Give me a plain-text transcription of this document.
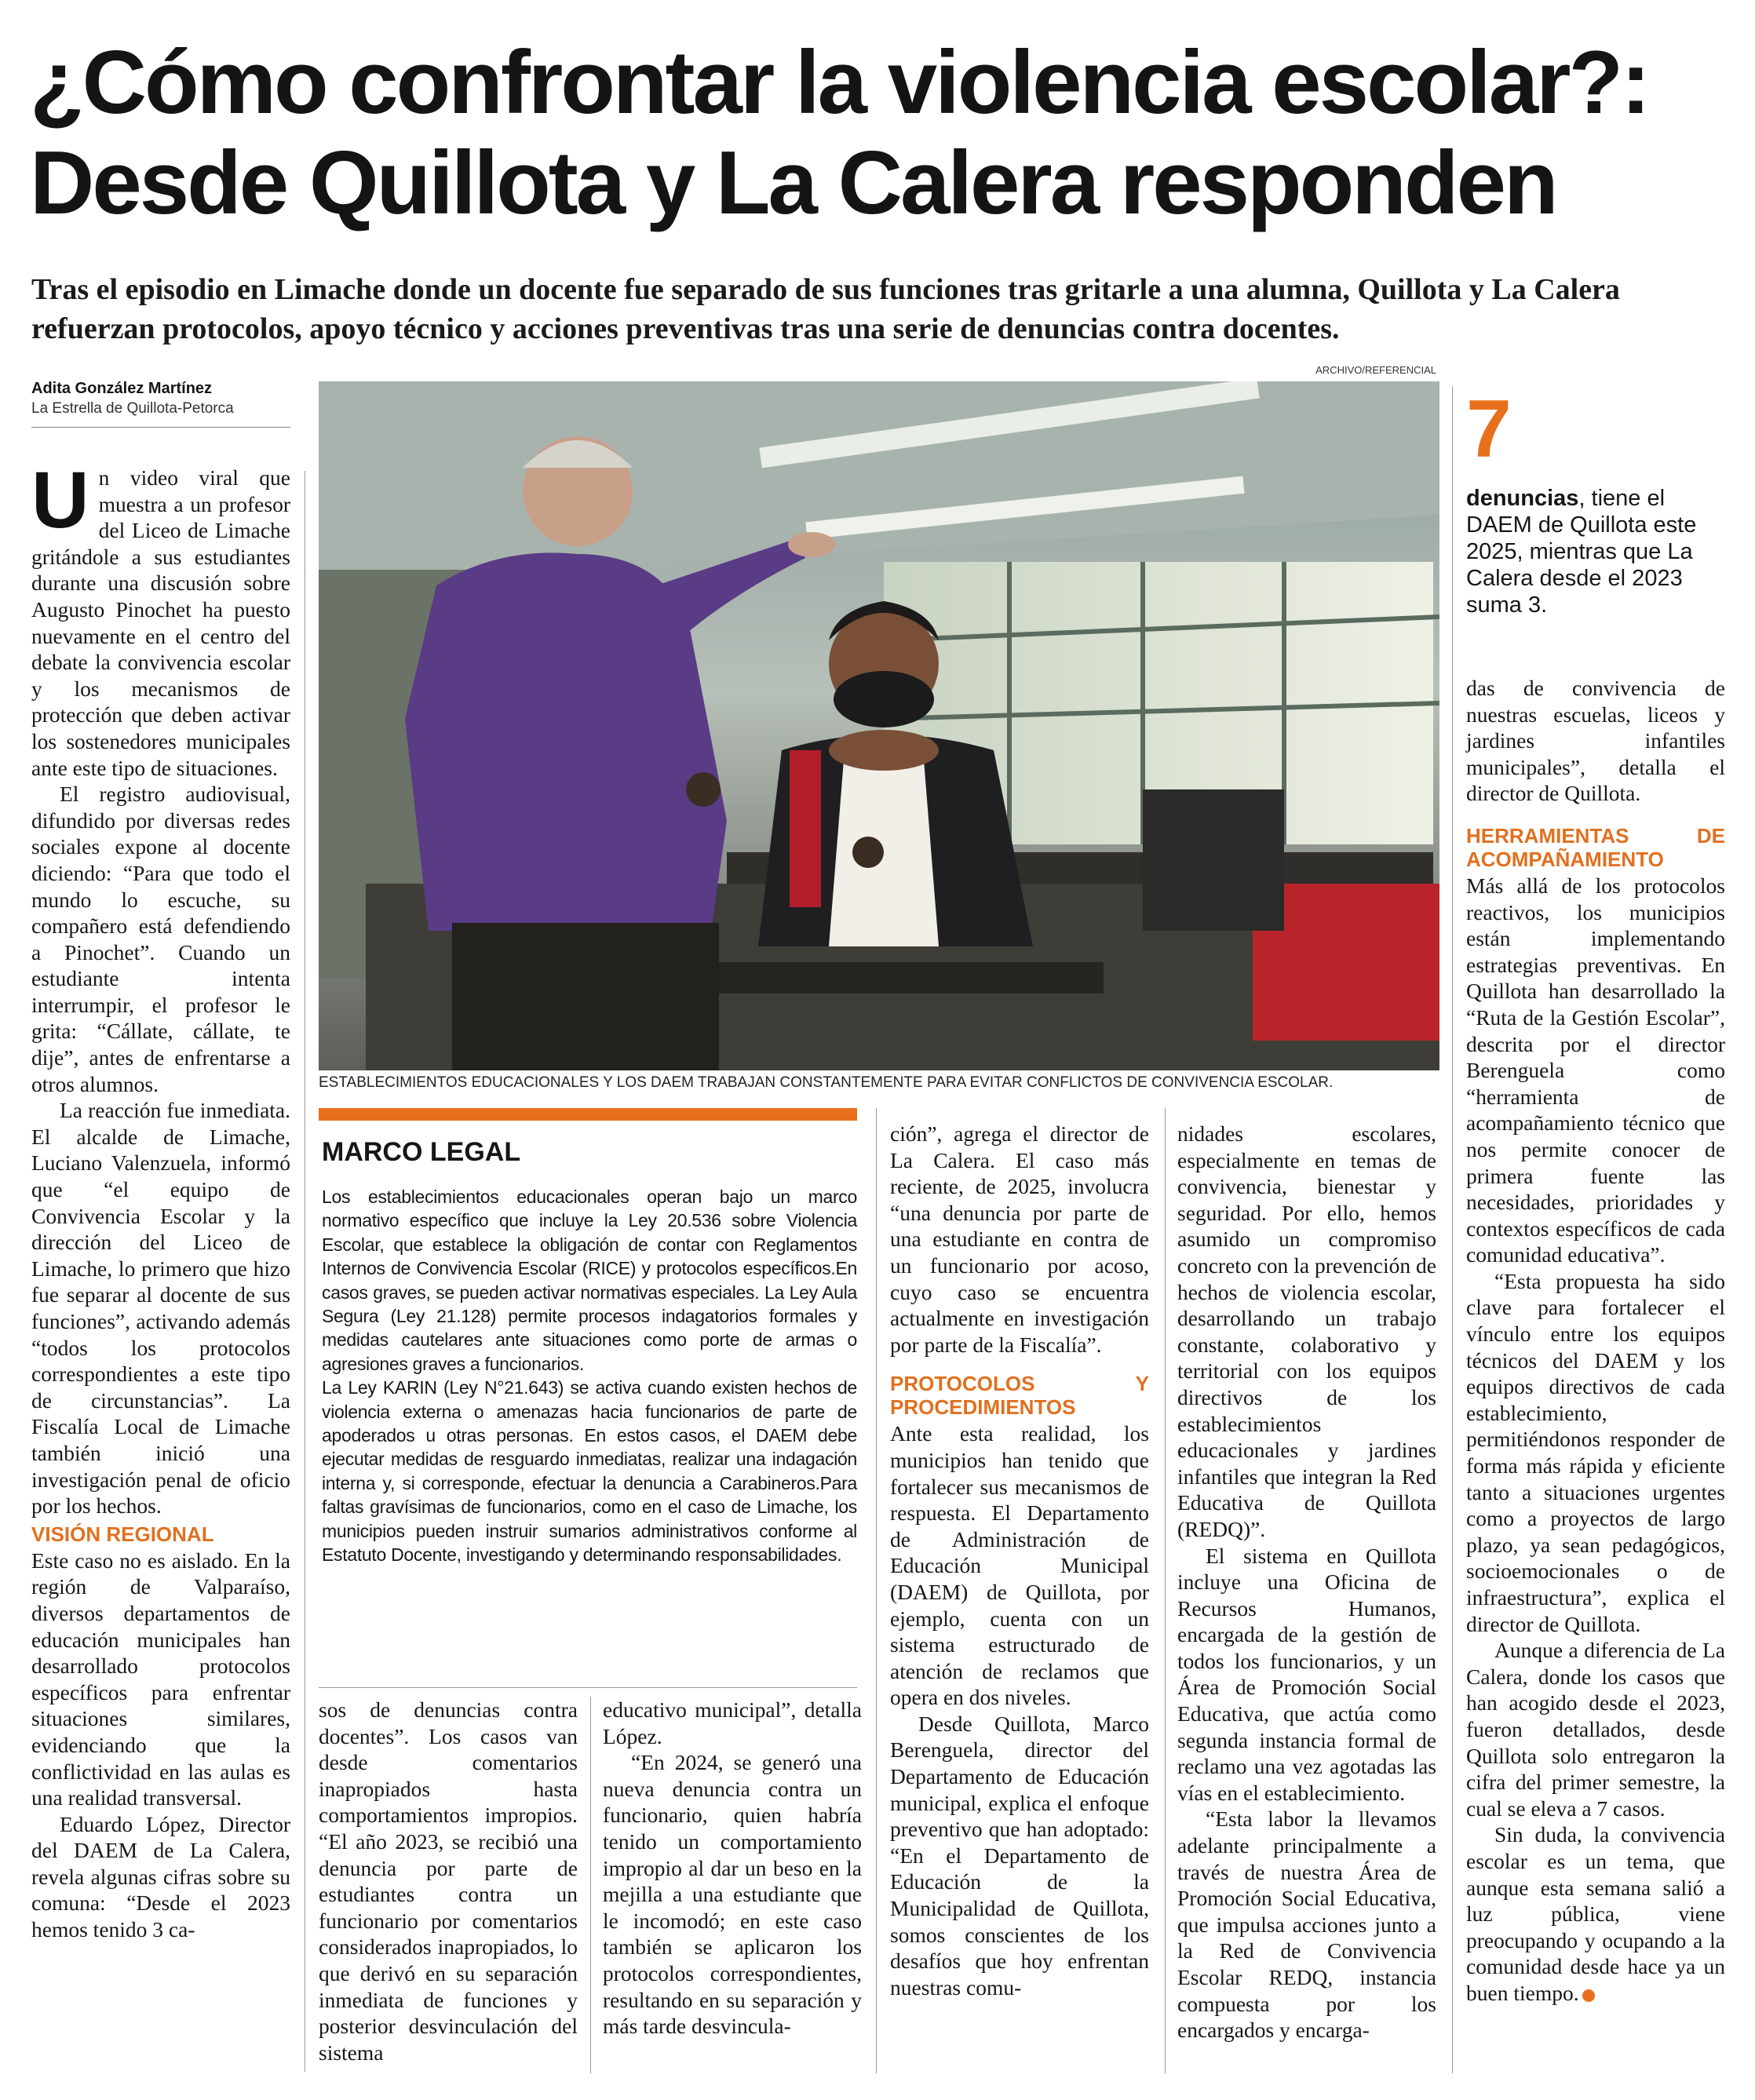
¿Cómo confrontar la violencia escolar?:
Desde Quillota y La Calera responden

Tras el episodio en Limache donde un docente fue separado de sus funciones tras gritarle a una alumna, Quillota y La Calera refuerzan protocolos, apoyo técnico y acciones preventivas tras una serie de denuncias contra docentes.

Adita González Martínez
La Estrella de Quillota-Petorca
ARCHIVO/REFERENCIAL

ESTABLECIMIENTOS EDUCACIONALES Y LOS DAEM TRABAJAN CONSTANTEMENTE PARA EVITAR CONFLICTOS DE CONVIVENCIA ESCOLAR.

U n video viral que muestra a un profesor del Liceo de Limache gritándole a sus estudiantes durante una discusión sobre Augusto Pinochet ha puesto nuevamente en el centro del debate la convivencia escolar y los mecanismos de protección que deben activar los sostenedores municipales ante este tipo de situaciones.

El registro audiovisual, difundido por diversas redes sociales expone al docente diciendo: “Para que todo el mundo lo escuche, su compañero está defendiendo a Pinochet”. Cuando un estudiante intenta interrumpir, el profesor le grita: “Cállate, cállate, te dije”, antes de enfrentarse a otros alumnos.

La reacción fue inmediata. El alcalde de Limache, Luciano Valenzuela, informó que “el equipo de Convivencia Escolar y la dirección del Liceo de Limache, lo primero que hizo fue separar al docente de sus funciones”, activando además “todos los protocolos correspondientes a este tipo de circunstancias”. La Fiscalía Local de Limache también inició una investigación penal de oficio por los hechos.

VISIÓN REGIONAL

Este caso no es aislado. En la región de Valparaíso, diversos departamentos de educación municipales han desarrollado protocolos específicos para enfrentar situaciones similares, evidenciando que la conflictividad en las aulas es una realidad transversal.

Eduardo López, Director del DAEM de La Calera, revela algunas cifras sobre su comuna: “Desde el 2023 hemos tenido 3 ca-

7
denuncias, tiene el DAEM de Quillota este 2025, mientras que La Calera desde el 2023 suma 3.
MARCO LEGAL

Los establecimientos educacionales operan bajo un marco normativo específico que incluye la Ley 20.536 sobre Violencia Escolar, que establece la obligación de contar con Reglamentos Internos de Convivencia Escolar (RICE) y protocolos específicos.En casos graves, se pueden activar normativas especiales. La Ley Aula Segura (Ley 21.128) permite procesos indagatorios formales y medidas cautelares ante situaciones como porte de armas o agresiones graves a funcionarios.

La Ley KARIN (Ley N°21.643) se activa cuando existen hechos de violencia externa o amenazas hacia funcionarios de parte de apoderados u otras personas. En estos casos, el DAEM debe ejecutar medidas de resguardo inmediatas, realizar una indagación interna y, si corresponde, efectuar la denuncia a Carabineros.Para faltas gravísimas de funcionarios, como en el caso de Limache, los municipios pueden instruir sumarios administrativos conforme al Estatuto Docente, investigando y determinando responsabilidades.

sos de denuncias contra docentes”. Los casos van desde comentarios inapropiados hasta comportamientos impropios. “El año 2023, se recibió una denuncia por parte de estudiantes contra un funcionario por comentarios considerados inapropiados, lo que derivó en su separación inmediata de funciones y posterior desvinculación del sistema

educativo municipal”, detalla López.

“En 2024, se generó una nueva denuncia contra un funcionario, quien habría tenido un comportamiento impropio al dar un beso en la mejilla a una estudiante que le incomodó; en este caso también se aplicaron los protocolos correspondientes, resultando en su separación y más tarde desvincula-

ción”, agrega el director de La Calera. El caso más reciente, de 2025, involucra “una denuncia por parte de una estudiante en contra de un funcionario por acoso, cuyo caso se encuentra actualmente en investigación por parte de la Fiscalía”.

PROTOCOLOS Y PROCEDIMIENTOS

Ante esta realidad, los municipios han tenido que fortalecer sus mecanismos de respuesta. El Departamento de Administración de Educación Municipal (DAEM) de Quillota, por ejemplo, cuenta con un sistema estructurado de atención de reclamos que opera en dos niveles.

Desde Quillota, Marco Berenguela, director del Departamento de Educación municipal, explica el enfoque preventivo que han adoptado: “En el Departamento de Educación de la Municipalidad de Quillota, somos conscientes de los desafíos que hoy enfrentan nuestras comu-

nidades escolares, especialmente en temas de convivencia, bienestar y seguridad. Por ello, hemos asumido un compromiso concreto con la prevención de hechos de violencia escolar, desarrollando un trabajo constante, colaborativo y territorial con los equipos directivos de los establecimientos educacionales y jardines infantiles que integran la Red Educativa de Quillota (REDQ)”.

El sistema en Quillota incluye una Oficina de Recursos Humanos, encargada de la gestión de todos los funcionarios, y un Área de Promoción Social Educativa, que actúa como segunda instancia formal de reclamo una vez agotadas las vías en el establecimiento.

“Esta labor la llevamos adelante principalmente a través de nuestra Área de Promoción Social Educativa, que impulsa acciones junto a la Red de Convivencia Escolar REDQ, instancia compuesta por los encargados y encarga-

das de convivencia de nuestras escuelas, liceos y jardines infantiles municipales”, detalla el director de Quillota.

HERRAMIENTAS DE ACOMPAÑAMIENTO

Más allá de los protocolos reactivos, los municipios están implementando estrategias preventivas. En Quillota han desarrollado la “Ruta de la Gestión Escolar”, descrita por el director Berenguela como “herramienta de acompañamiento técnico que nos permite conocer de primera fuente las necesidades, prioridades y contextos específicos de cada comunidad educativa”.

“Esta propuesta ha sido clave para fortalecer el vínculo entre los equipos técnicos del DAEM y los equipos directivos de cada establecimiento, permitiéndonos responder de forma más rápida y eficiente tanto a situaciones urgentes como a proyectos de largo plazo, ya sean pedagógicos, socioemocionales o de infraestructura”, explica el director de Quillota.

Aunque a diferencia de La Calera, donde los casos que han acogido desde el 2023, fueron detallados, desde Quillota solo entregaron la cifra del primer semestre, la cual se eleva a 7 casos.

Sin duda, la convivencia escolar es un tema, que aunque esta semana salió a luz pública, viene preocupando y ocupando a la comunidad desde hace ya un buen tiempo.
